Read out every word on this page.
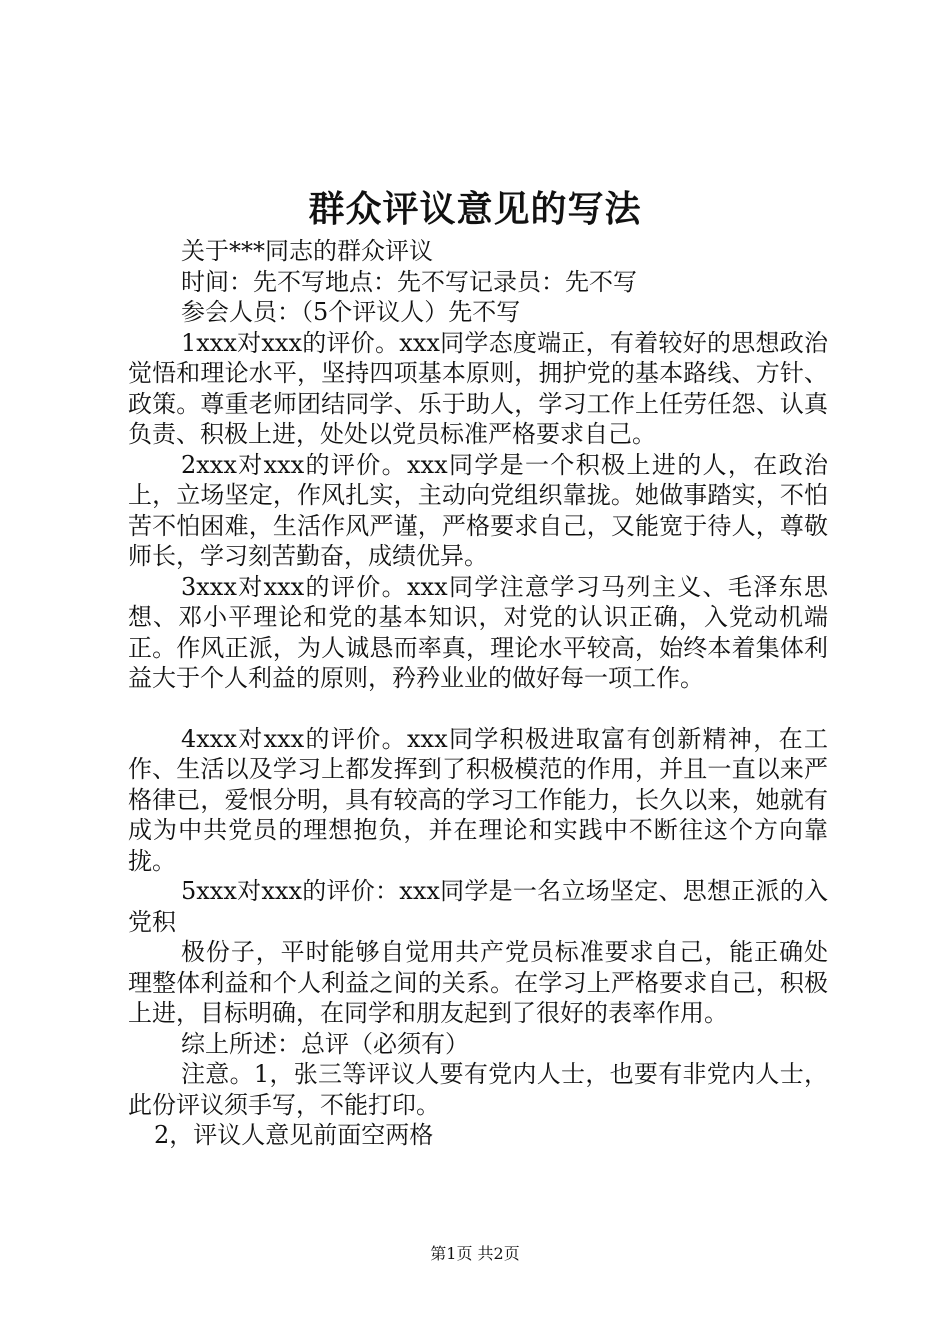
群众评议意见的写法

关于***同志的群众评议

时间：先不写地点：先不写记录员：先不写

参会人员：（5个评议人）先不写

1xxx对xxx的评价。xxx同学态度端正，有着较好的思想政治觉悟和理论水平，坚持四项基本原则，拥护党的基本路线、方针、政策。尊重老师团结同学、乐于助人，学习工作上任劳任怨、认真负责、积极上进，处处以党员标准严格要求自己。

2xxx对xxx的评价。xxx同学是一个积极上进的人，在政治上，立场坚定，作风扎实，主动向党组织靠拢。她做事踏实，不怕苦不怕困难，生活作风严谨，严格要求自己，又能宽于待人，尊敬师长，学习刻苦勤奋，成绩优异。

3xxx对xxx的评价。xxx同学注意学习马列主义、毛泽东思想、邓小平理论和党的基本知识，对党的认识正确，入党动机端正。作风正派，为人诚恳而率真，理论水平较高，始终本着集体利益大于个人利益的原则，矜矜业业的做好每一项工作。

4xxx对xxx的评价。xxx同学积极进取富有创新精神，在工作、生活以及学习上都发挥到了积极模范的作用，并且一直以来严格律已，爱恨分明，具有较高的学习工作能力，长久以来，她就有成为中共党员的理想抱负，并在理论和实践中不断往这个方向靠拢。

5xxx对xxx的评价：xxx同学是一名立场坚定、思想正派的入党积

极份子，平时能够自觉用共产党员标准要求自己，能正确处理整体利益和个人利益之间的关系。在学习上严格要求自己，积极上进，目标明确，在同学和朋友起到了很好的表率作用。

综上所述：总评（必须有）

注意。1，张三等评议人要有党内人士，也要有非党内人士，此份评议须手写，不能打印。

2，评议人意见前面空两格

第1页 共2页
